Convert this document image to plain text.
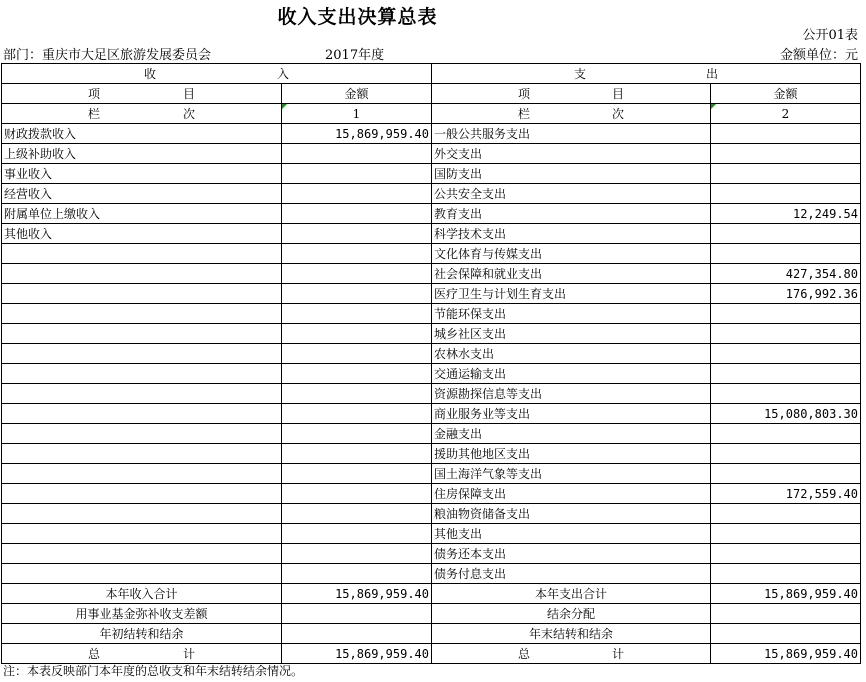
收入支出决算总表
公开01表
部门：重庆市大足区旅游发展委员会	2017年度	金额单位：元
收 入		支 出	

项 目	金额	项 目	金额

栏 次	1	栏 次	2
财政拨款收入	15,869,959.40	一般公共服务支出	
上级补助收入		外交支出	
事业收入		国防支出	
经营收入		公共安全支出	
附属单位上缴收入		教育支出	12,249.54
其他收入		科学技术支出	
		文化体育与传媒支出	
		社会保障和就业支出	427,354.80
		医疗卫生与计划生育支出	176,992.36
		节能环保支出	
		城乡社区支出	
		农林水支出	
		交通运输支出	
		资源勘探信息等支出	
		商业服务业等支出	15,080,803.30
		金融支出	
		援助其他地区支出	
		国土海洋气象等支出	
		住房保障支出	172,559.40
		粮油物资储备支出	
		其他支出	
		债务还本支出	
		债务付息支出	
本年收入合计	15,869,959.40	本年支出合计	15,869,959.40
用事业基金弥补收支差额		结余分配	
年初结转和结余		年末结转和结余	

总 计	15,869,959.40	总 计	15,869,959.40
注：本表反映部门本年度的总收支和年末结转结余情况。
